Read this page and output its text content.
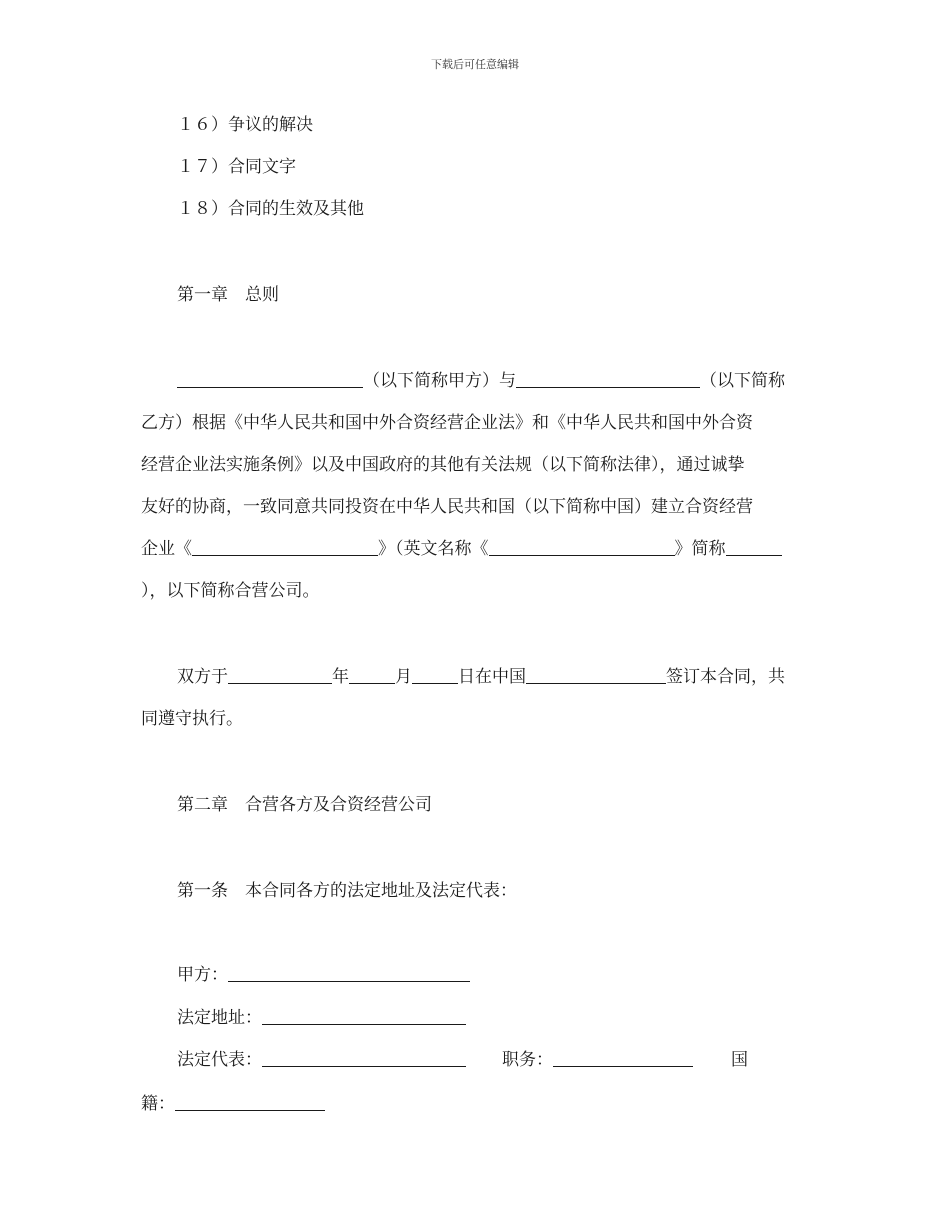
下载后可任意编辑
１６）争议的解决
１７）合同文字
１８）合同的生效及其他
第一章　总则
（以下简称甲方）与	（以下简称
乙方）根据《中华人民共和国中外合资经营企业法》和《中华人民共和国中外合资
经营企业法实施条例》以及中国政府的其他有关法规（以下简称法律），通过诚挚
友好的协商，一致同意共同投资在中华人民共和国（以下简称中国）建立合资经营
企业《	》（英文名称《	》简称
），以下简称合营公司。
双方于	年	月	日在中国	签订本合同，共
同遵守执行。
第二章　合营各方及合资经营公司
第一条　本合同各方的法定地址及法定代表：
甲方：
法定地址：
法定代表：	职务：	国
籍：
